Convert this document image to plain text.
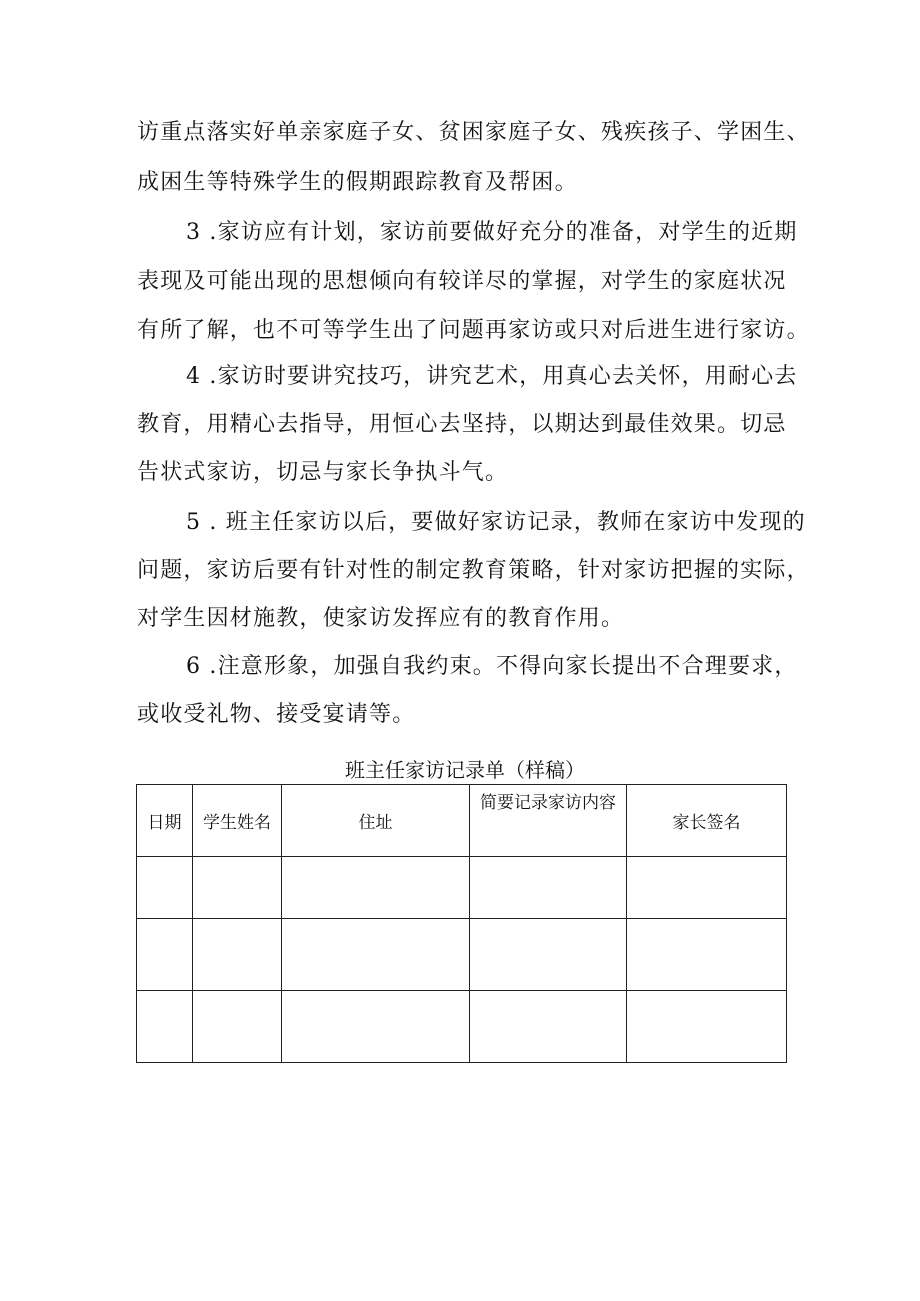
访重点落实好单亲家庭子女、贫困家庭子女、残疾孩子、学困生、
成困生等特殊学生的假期跟踪教育及帮困。
3 .家访应有计划，家访前要做好充分的准备，对学生的近期
表现及可能出现的思想倾向有较详尽的掌握，对学生的家庭状况
有所了解，也不可等学生出了问题再家访或只对后进生进行家访。
4 .家访时要讲究技巧，讲究艺术，用真心去关怀，用耐心去
教育，用精心去指导，用恒心去坚持，以期达到最佳效果。切忌
告状式家访，切忌与家长争执斗气。
5 . 班主任家访以后，要做好家访记录，教师在家访中发现的
问题，家访后要有针对性的制定教育策略，针对家访把握的实际，
对学生因材施教，使家访发挥应有的教育作用。
6 .注意形象，加强自我约束。不得向家长提出不合理要求，
或收受礼物、接受宴请等。
班主任家访记录单（样稿）
日期	学生姓名	住址	简要记录家访内容	家长签名
